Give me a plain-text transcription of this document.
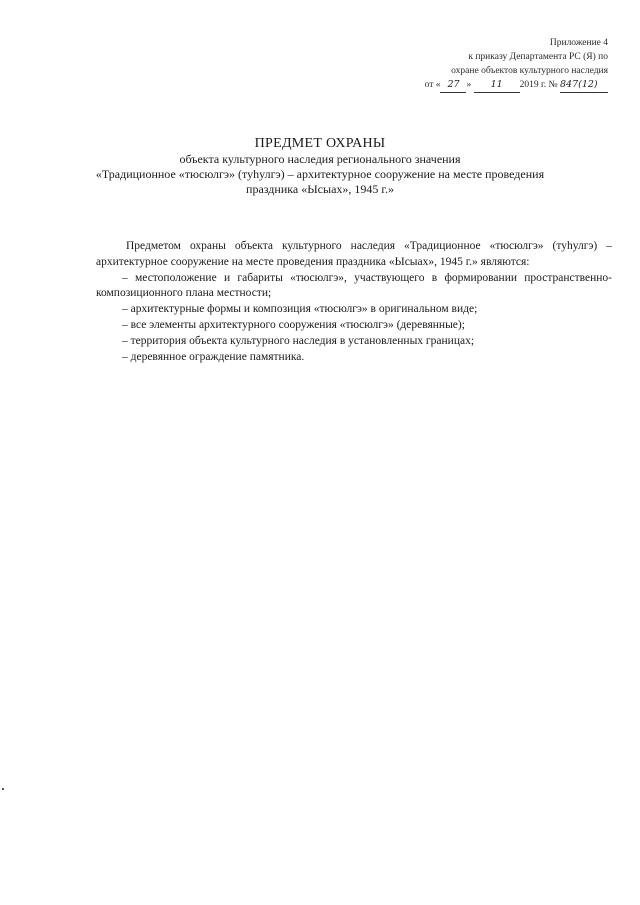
Приложение 4
к приказу Департамента РС (Я) по
охране объектов культурного наследия
от « 27 » 11 2019 г. № 847(12)
ПРЕДМЕТ ОХРАНЫ
объекта культурного наследия регионального значения
«Традиционное «тюсюлгэ» (туһулгэ) – архитектурное сооружение на месте проведения
праздника «Ысыах», 1945 г.»

Предметом охраны объекта культурного наследия «Традиционное «тюсюлгэ» (туһулгэ) – архитектурное сооружение на месте проведения праздника «Ысыах», 1945 г.» являются:

– местоположение и габариты «тюсюлгэ», участвующего в формировании пространственно-композиционного плана местности;

– архитектурные формы и композиция «тюсюлгэ» в оригинальном виде;

– все элементы архитектурного сооружения «тюсюлгэ» (деревянные);

– территория объекта культурного наследия в установленных границах;

– деревянное ограждение памятника.
